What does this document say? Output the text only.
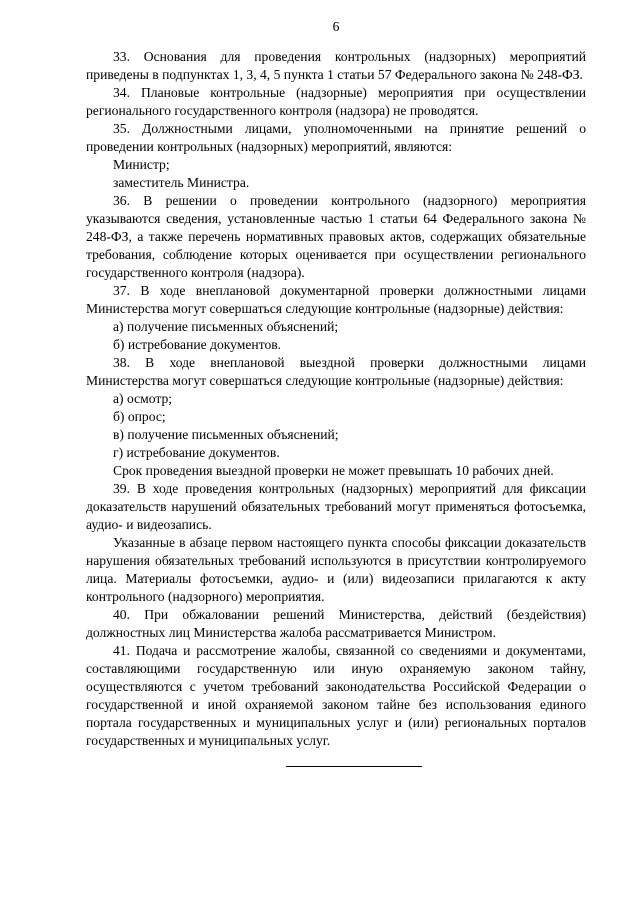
6

33. Основания для проведения контрольных (надзорных) мероприятий приведены в подпунктах 1, 3, 4, 5 пункта 1 статьи 57 Федерального закона № 248-ФЗ.

34. Плановые контрольные (надзорные) мероприятия при осуществлении регионального государственного контроля (надзора) не проводятся.

35. Должностными лицами, уполномоченными на принятие решений о проведении контрольных (надзорных) мероприятий, являются:

Министр;

заместитель Министра.

36. В решении о проведении контрольного (надзорного) мероприятия указываются сведения, установленные частью 1 статьи 64 Федерального закона № 248-ФЗ, а также перечень нормативных правовых актов, содержащих обязательные требования, соблюдение которых оценивается при осуществлении регионального государственного контроля (надзора).

37. В ходе внеплановой документарной проверки должностными лицами Министерства могут совершаться следующие контрольные (надзорные) действия:

а) получение письменных объяснений;

б) истребование документов.

38. В ходе внеплановой выездной проверки должностными лицами Министерства могут совершаться следующие контрольные (надзорные) действия:

а) осмотр;

б) опрос;

в) получение письменных объяснений;

г) истребование документов.

Срок проведения выездной проверки не может превышать 10 рабочих дней.

39. В ходе проведения контрольных (надзорных) мероприятий для фиксации доказательств нарушений обязательных требований могут применяться фотосъемка, аудио- и видеозапись.

Указанные в абзаце первом настоящего пункта способы фиксации доказательств нарушения обязательных требований используются в присутствии контролируемого лица. Материалы фотосъемки, аудио- и (или) видеозаписи прилагаются к акту контрольного (надзорного) мероприятия.

40. При обжаловании решений Министерства, действий (бездействия) должностных лиц Министерства жалоба рассматривается Министром.

41. Подача и рассмотрение жалобы, связанной со сведениями и документами, составляющими государственную или иную охраняемую законом тайну, осуществляются с учетом требований законодательства Российской Федерации о государственной и иной охраняемой законом тайне без использования единого портала государственных и муниципальных услуг и (или) региональных порталов государственных и муниципальных услуг.
